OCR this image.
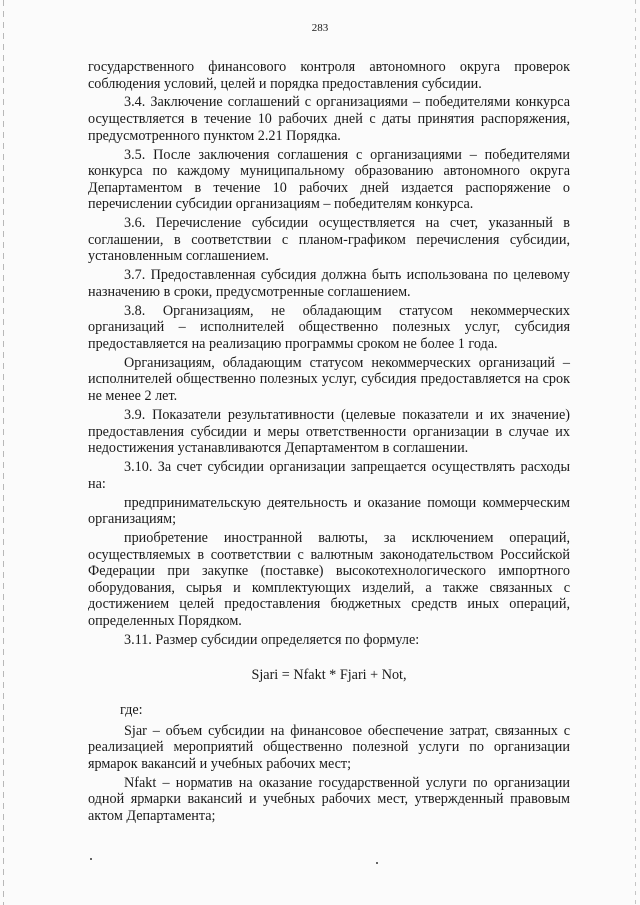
283

государственного финансового контроля автономного округа проверок соблюдения условий, целей и порядка предоставления субсидии.

3.4. Заключение соглашений с организациями – победителями конкурса осуществляется в течение 10 рабочих дней с даты принятия распоряжения, предусмотренного пунктом 2.21 Порядка.

3.5. После заключения соглашения с организациями – победителями конкурса по каждому муниципальному образованию автономного округа Департаментом в течение 10 рабочих дней издается распоряжение о перечислении субсидии организациям – победителям конкурса.

3.6. Перечисление субсидии осуществляется на счет, указанный в соглашении, в соответствии с планом-графиком перечисления субсидии, установленным соглашением.

3.7. Предоставленная субсидия должна быть использована по целевому назначению в сроки, предусмотренные соглашением.

3.8. Организациям, не обладающим статусом некоммерческих организаций – исполнителей общественно полезных услуг, субсидия предоставляется на реализацию программы сроком не более 1 года.

Организациям, обладающим статусом некоммерческих организаций – исполнителей общественно полезных услуг, субсидия предоставляется на срок не менее 2 лет.

3.9. Показатели результативности (целевые показатели и их значение) предоставления субсидии и меры ответственности организации в случае их недостижения устанавливаются Департаментом в соглашении.

3.10. За счет субсидии организации запрещается осуществлять расходы на:

предпринимательскую деятельность и оказание помощи коммерческим организациям;

приобретение иностранной валюты, за исключением операций, осуществляемых в соответствии с валютным законодательством Российской Федерации при закупке (поставке) высокотехнологического импортного оборудования, сырья и комплектующих изделий, а также связанных с достижением целей предоставления бюджетных средств иных операций, определенных Порядком.

3.11. Размер субсидии определяется по формуле:

Sjari = Nfakt * Fjari + Not,

где:

Sjar – объем субсидии на финансовое обеспечение затрат, связанных с реализацией мероприятий общественно полезной услуги по организации ярмарок вакансий и учебных рабочих мест;

Nfakt – норматив на оказание государственной услуги по организации одной ярмарки вакансий и учебных рабочих мест, утвержденный правовым актом Департамента;
